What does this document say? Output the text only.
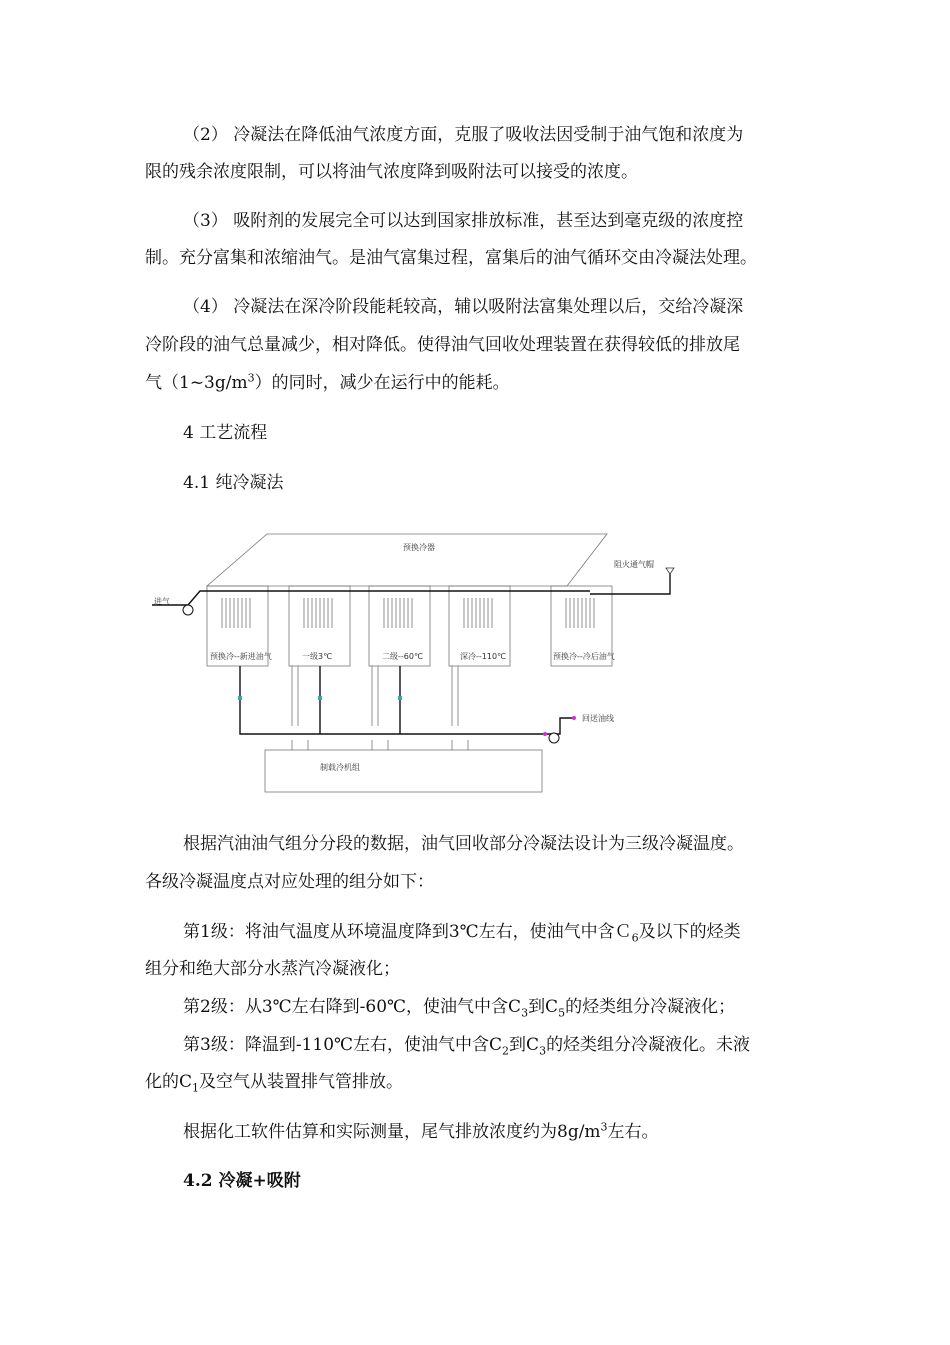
（2） 冷凝法在降低油气浓度方面，克服了吸收法因受制于油气饱和浓度为
限的残余浓度限制，可以将油气浓度降到吸附法可以接受的浓度。
（3） 吸附剂的发展完全可以达到国家排放标准，甚至达到毫克级的浓度控
制。充分富集和浓缩油气。是油气富集过程，富集后的油气循环交由冷凝法处理。
（4） 冷凝法在深冷阶段能耗较高，辅以吸附法富集处理以后，交给冷凝深
冷阶段的油气总量减少，相对降低。使得油气回收处理装置在获得较低的排放尾
气$(1\sim 3g/m^3)$的同时，减少在运行中的能耗。
4 工艺流程
4.1 纯冷凝法
预换冷器
阻火通气帽
进气
预换冷--新进油气	一级3℃	二级--60℃	深冷--110℃	预换冷--冷后油气
回送油线
制载冷机组
根据汽油油气组分分段的数据，油气回收部分冷凝法设计为三级冷凝温度。
各级冷凝温度点对应处理的组分如下：
第1级：将油气温度从环境温度降到3℃左右，使油气中含Ｃ$_6$及以下的烃类
组分和绝大部分水蒸汽冷凝液化；
第2级：从3℃左右降到-60℃，使油气中含$C_3$到$C_5$的烃类组分冷凝液化；
第3级：降温到-110℃左右，使油气中含$C_2$到$C_3$的烃类组分冷凝液化。未液
化的$C_1$及空气从装置排气管排放。
根据化工软件估算和实际测量，尾气排放浓度约为$8g/m^3$左右。
4.2 冷凝+吸附
